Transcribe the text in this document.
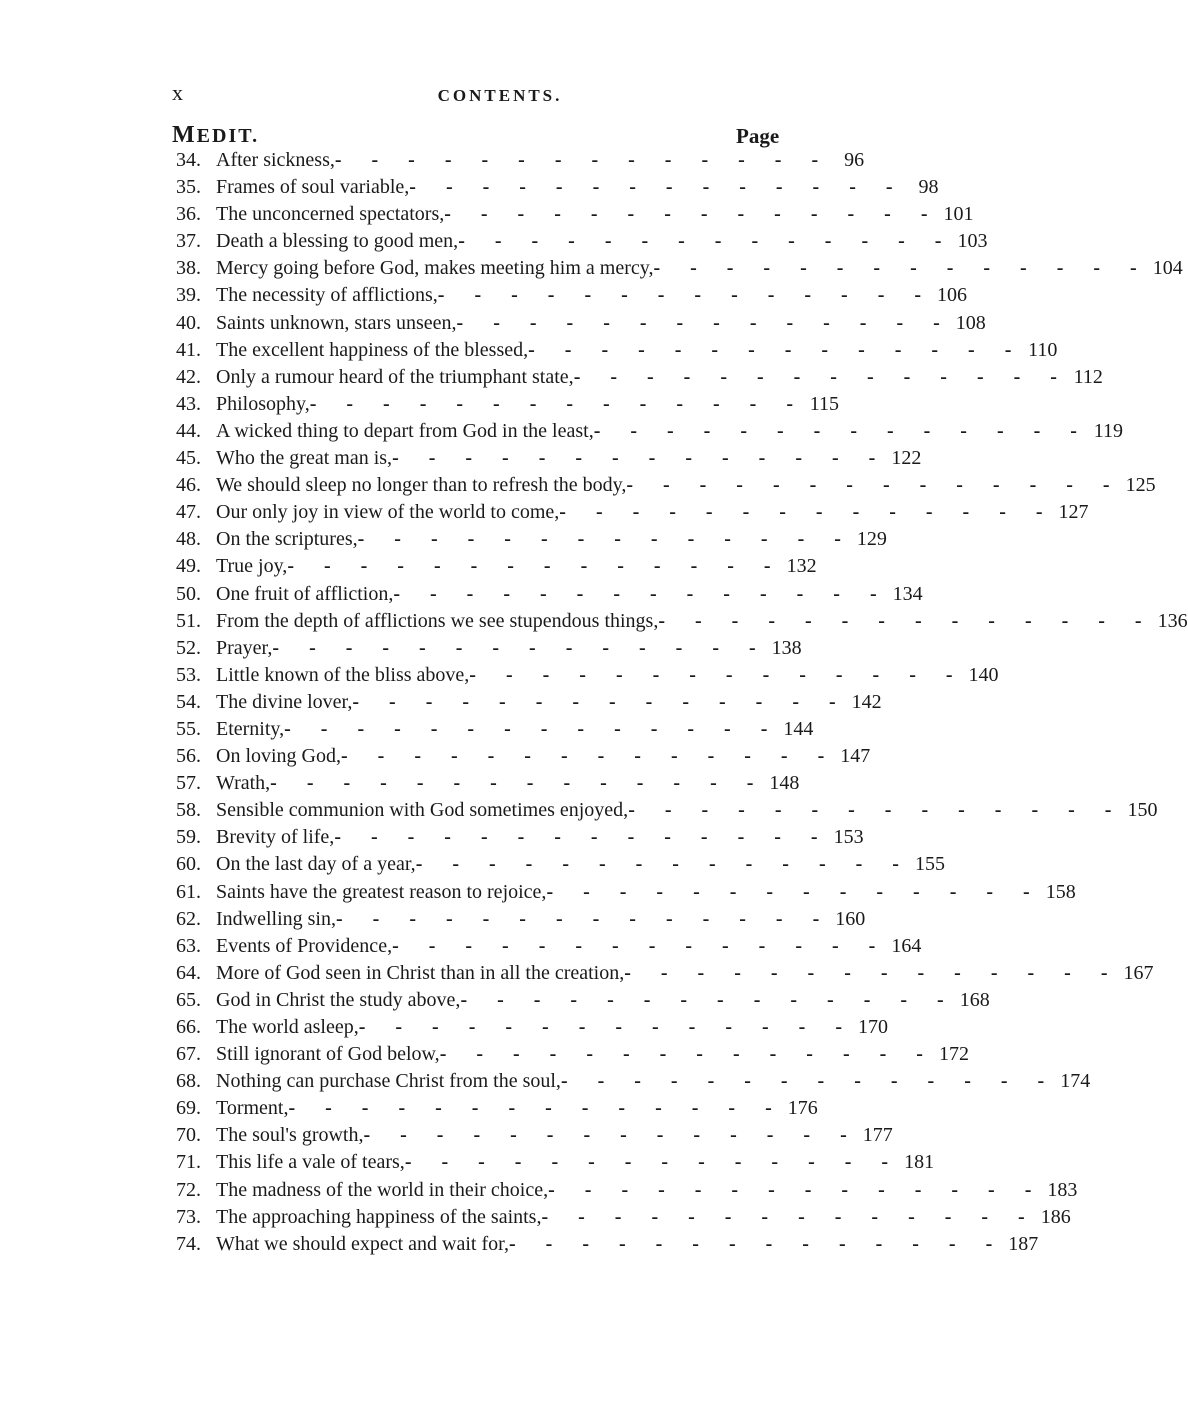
x	CONTENTS.
MEDIT.	Page
34. After sickness, -  -  -  -  -  -  -  -  -  -  -  -  -  -	96
35. Frames of soul variable, -  -  -  -  -  -  -  -  -  -  -  -  -  -	98
36. The unconcerned spectators, -  -  -  -  -  -  -  -  -  -  -  -  -  - 101
37. Death a blessing to good men, -  -  -  -  -  -  -  -  -  -  -  -  -  - 103
38. Mercy going before God, makes meeting him a mercy, -  -  -  -  -  -  -  -  -  -  -  -  -  - 104
39. The necessity of afflictions, -  -  -  -  -  -  -  -  -  -  -  -  -  - 106
40. Saints unknown, stars unseen, -  -  -  -  -  -  -  -  -  -  -  -  -  - 108
41. The excellent happiness of the blessed, -  -  -  -  -  -  -  -  -  -  -  -  -  - 110
42. Only a rumour heard of the triumphant state, -  -  -  -  -  -  -  -  -  -  -  -  -  - 112
43. Philosophy, -  -  -  -  -  -  -  -  -  -  -  -  -  - 115
44. A wicked thing to depart from God in the least, -  -  -  -  -  -  -  -  -  -  -  -  -  - 119
45. Who the great man is, -  -  -  -  -  -  -  -  -  -  -  -  -  - 122
46. We should sleep no longer than to refresh the body, -  -  -  -  -  -  -  -  -  -  -  -  -  - 125
47. Our only joy in view of the world to come, -  -  -  -  -  -  -  -  -  -  -  -  -  - 127
48. On the scriptures, -  -  -  -  -  -  -  -  -  -  -  -  -  - 129
49. True joy, -  -  -  -  -  -  -  -  -  -  -  -  -  - 132
50. One fruit of affliction, -  -  -  -  -  -  -  -  -  -  -  -  -  - 134
51. From the depth of afflictions we see stupendous things, -  -  -  -  -  -  -  -  -  -  -  -  -  - 136
52. Prayer, -  -  -  -  -  -  -  -  -  -  -  -  -  - 138
53. Little known of the bliss above, -  -  -  -  -  -  -  -  -  -  -  -  -  - 140
54. The divine lover, -  -  -  -  -  -  -  -  -  -  -  -  -  - 142
55. Eternity, -  -  -  -  -  -  -  -  -  -  -  -  -  - 144
56. On loving God, -  -  -  -  -  -  -  -  -  -  -  -  -  - 147
57. Wrath, -  -  -  -  -  -  -  -  -  -  -  -  -  - 148
58. Sensible communion with God sometimes enjoyed, -  -  -  -  -  -  -  -  -  -  -  -  -  - 150
59. Brevity of life, -  -  -  -  -  -  -  -  -  -  -  -  -  - 153
60. On the last day of a year, -  -  -  -  -  -  -  -  -  -  -  -  -  - 155
61. Saints have the greatest reason to rejoice, -  -  -  -  -  -  -  -  -  -  -  -  -  - 158
62. Indwelling sin, -  -  -  -  -  -  -  -  -  -  -  -  -  - 160
63. Events of Providence, -  -  -  -  -  -  -  -  -  -  -  -  -  - 164
64. More of God seen in Christ than in all the creation, -  -  -  -  -  -  -  -  -  -  -  -  -  - 167
65. God in Christ the study above, -  -  -  -  -  -  -  -  -  -  -  -  -  - 168
66. The world asleep, -  -  -  -  -  -  -  -  -  -  -  -  -  - 170
67. Still ignorant of God below, -  -  -  -  -  -  -  -  -  -  -  -  -  - 172
68. Nothing can purchase Christ from the soul, -  -  -  -  -  -  -  -  -  -  -  -  -  - 174
69. Torment, -  -  -  -  -  -  -  -  -  -  -  -  -  - 176
70. The soul's growth, -  -  -  -  -  -  -  -  -  -  -  -  -  - 177
71. This life a vale of tears, -  -  -  -  -  -  -  -  -  -  -  -  -  - 181
72. The madness of the world in their choice, -  -  -  -  -  -  -  -  -  -  -  -  -  - 183
73. The approaching happiness of the saints, -  -  -  -  -  -  -  -  -  -  -  -  -  - 186
74. What we should expect and wait for, -  -  -  -  -  -  -  -  -  -  -  -  -  - 187
